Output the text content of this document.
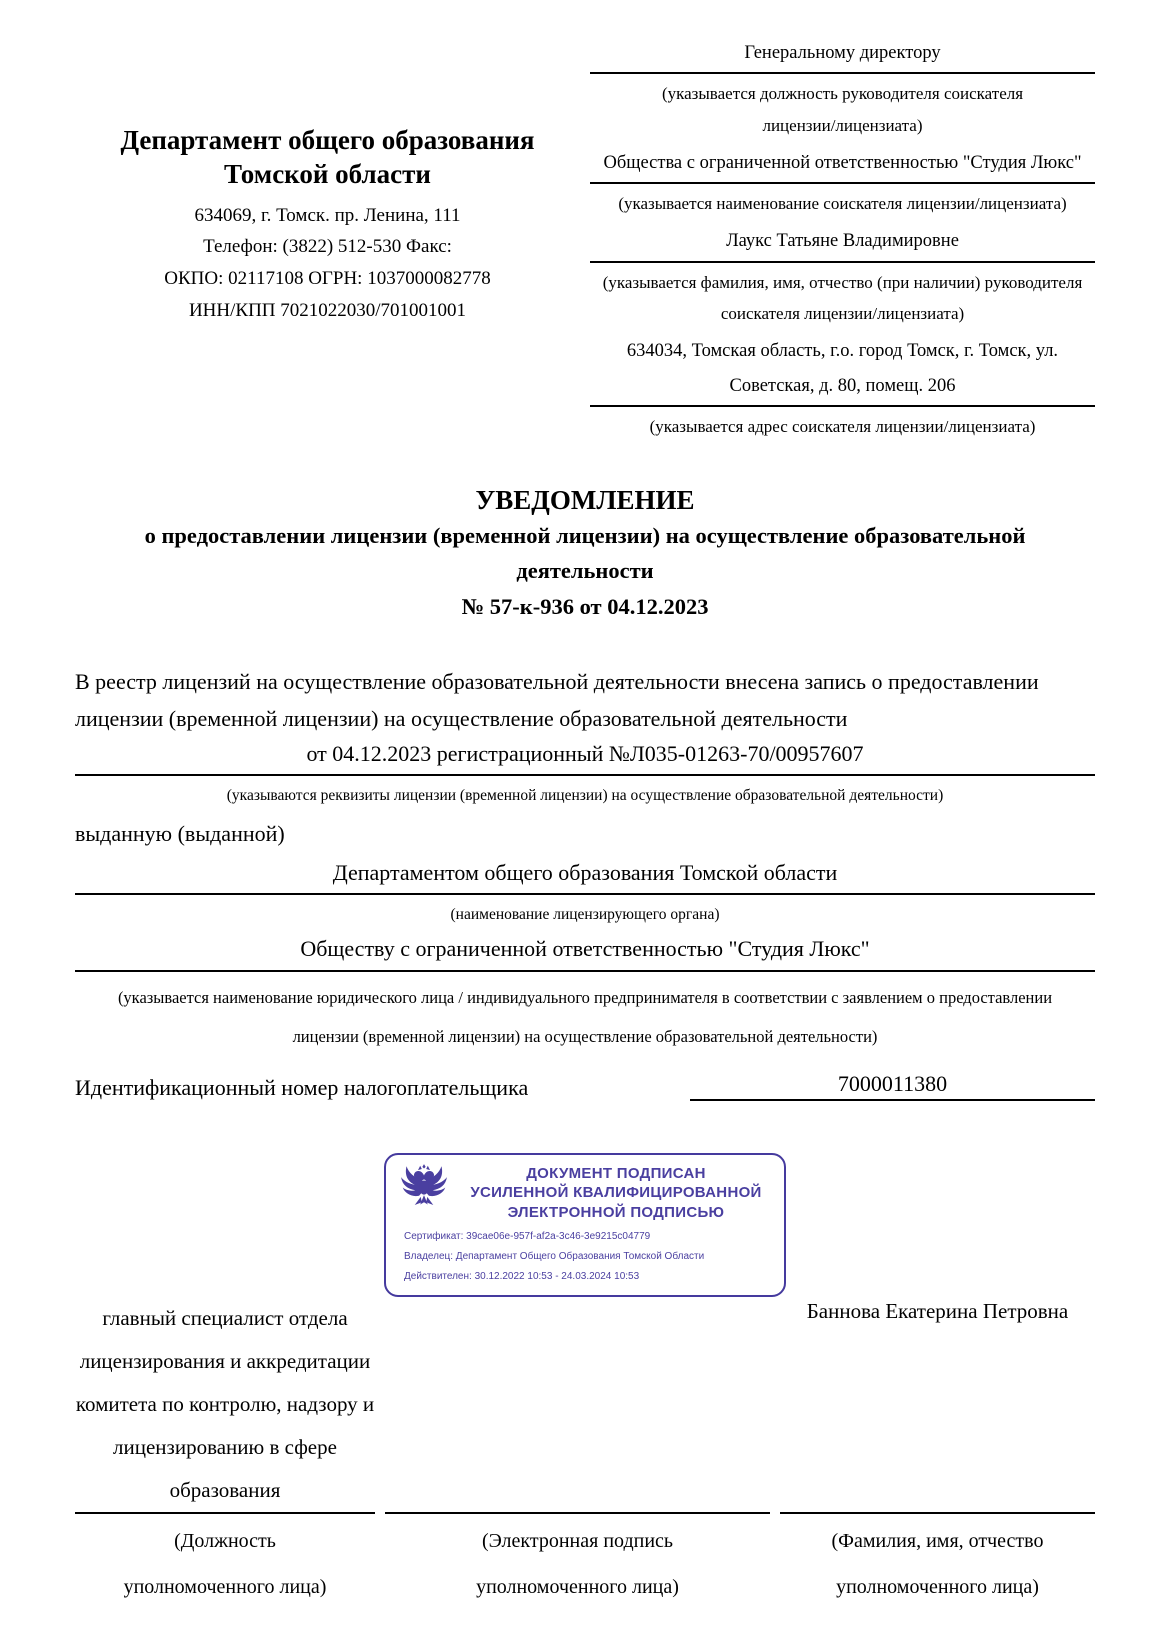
Департамент общего образования Томской области
634069, г. Томск. пр. Ленина, 111
Телефон: (3822) 512-530 Факс:
ОКПО: 02117108 ОГРН: 1037000082778
ИНН/КПП 7021022030/701001001
Генеральному директору
(указывается должность руководителя соискателя лицензии/лицензиата)
Общества с ограниченной ответственностью "Студия Люкс"
(указывается наименование соискателя лицензии/лицензиата)
Лаукс Татьяне Владимировне
(указывается фамилия, имя, отчество (при наличии) руководителя соискателя лицензии/лицензиата)
634034, Томская область, г.о. город Томск, г. Томск, ул. Советская, д. 80, помещ. 206
(указывается адрес соискателя лицензии/лицензиата)
УВЕДОМЛЕНИЕ
о предоставлении лицензии (временной лицензии) на осуществление образовательной деятельности
№ 57-к-936 от 04.12.2023
В реестр лицензий на осуществление образовательной деятельности внесена запись о предоставлении лицензии (временной лицензии) на осуществление образовательной деятельности
от 04.12.2023 регистрационный №Л035-01263-70/00957607
(указываются реквизиты лицензии (временной лицензии) на осуществление образовательной деятельности)
выданную (выданной)
Департаментом общего образования Томской области
(наименование лицензирующего органа)
Обществу с ограниченной ответственностью "Студия Люкс"
(указывается наименование юридического лица / индивидуального предпринимателя в соответствии с заявлением о предоставлении лицензии (временной лицензии) на осуществление образовательной деятельности)
Идентификационный номер налогоплательщика	7000011380
ДОКУМЕНТ ПОДПИСАН
УСИЛЕННОЙ КВАЛИФИЦИРОВАННОЙ
ЭЛЕКТРОННОЙ ПОДПИСЬЮ
Сертификат: 39cae06e-957f-af2a-3c46-3e9215c04779
Владелец: Департамент Общего Образования Томской Области
Действителен: 30.12.2022 10:53 - 24.03.2024 10:53
главный специалист отдела лицензирования и аккредитации комитета по контролю, надзору и лицензированию в сфере образования
(Должность уполномоченного лица)
(Электронная подпись уполномоченного лица)
Баннова Екатерина Петровна
(Фамилия, имя, отчество уполномоченного лица)
